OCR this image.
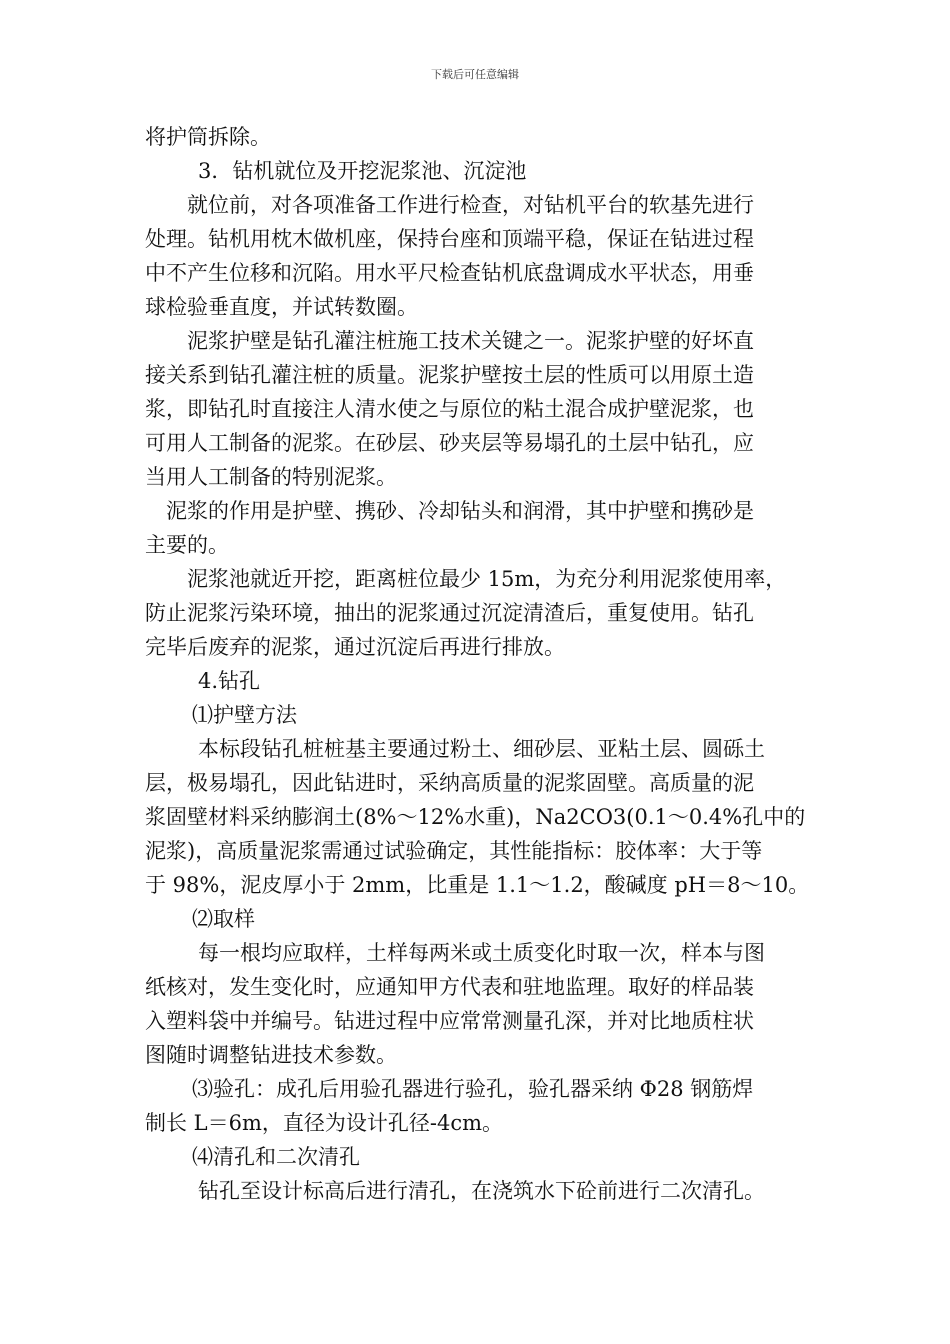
下载后可任意编辑
将护筒拆除。
3．钻机就位及开挖泥浆池、沉淀池
就位前，对各项准备工作进行检查，对钻机平台的软基先进行
处理。钻机用枕木做机座，保持台座和顶端平稳，保证在钻进过程
中不产生位移和沉陷。用水平尺检查钻机底盘调成水平状态，用垂
球检验垂直度，并试转数圈。
泥浆护壁是钻孔灌注桩施工技术关键之一。泥浆护壁的好坏直
接关系到钻孔灌注桩的质量。泥浆护壁按土层的性质可以用原土造
浆，即钻孔时直接注人清水使之与原位的粘土混合成护壁泥浆，也
可用人工制备的泥浆。在砂层、砂夹层等易塌孔的土层中钻孔，应
当用人工制备的特别泥浆。
泥浆的作用是护壁、携砂、冷却钻头和润滑，其中护壁和携砂是
主要的。
泥浆池就近开挖，距离桩位最少 15m，为充分利用泥浆使用率，
防止泥浆污染环境，抽出的泥浆通过沉淀清渣后，重复使用。钻孔
完毕后废弃的泥浆，通过沉淀后再进行排放。
4.钻孔
⑴护壁方法
本标段钻孔桩桩基主要通过粉土、细砂层、亚粘土层、圆砾土
层，极易塌孔，因此钻进时，采纳高质量的泥浆固壁。高质量的泥
浆固壁材料采纳膨润土(8%～12%水重)，Na2CO3(0.1～0.4%孔中的
泥浆)，高质量泥浆需通过试验确定，其性能指标：胶体率：大于等
于 98%，泥皮厚小于 2mm，比重是 1.1～1.2，酸碱度 pH＝8～10。
⑵取样
每一根均应取样，土样每两米或土质变化时取一次，样本与图
纸核对，发生变化时，应通知甲方代表和驻地监理。取好的样品装
入塑料袋中并编号。钻进过程中应常常测量孔深，并对比地质柱状
图随时调整钻进技术参数。
⑶验孔：成孔后用验孔器进行验孔，验孔器采纳 Φ28 钢筋焊
制长 L＝6m，直径为设计孔径-4cm。
⑷清孔和二次清孔
钻孔至设计标高后进行清孔，在浇筑水下砼前进行二次清孔。
